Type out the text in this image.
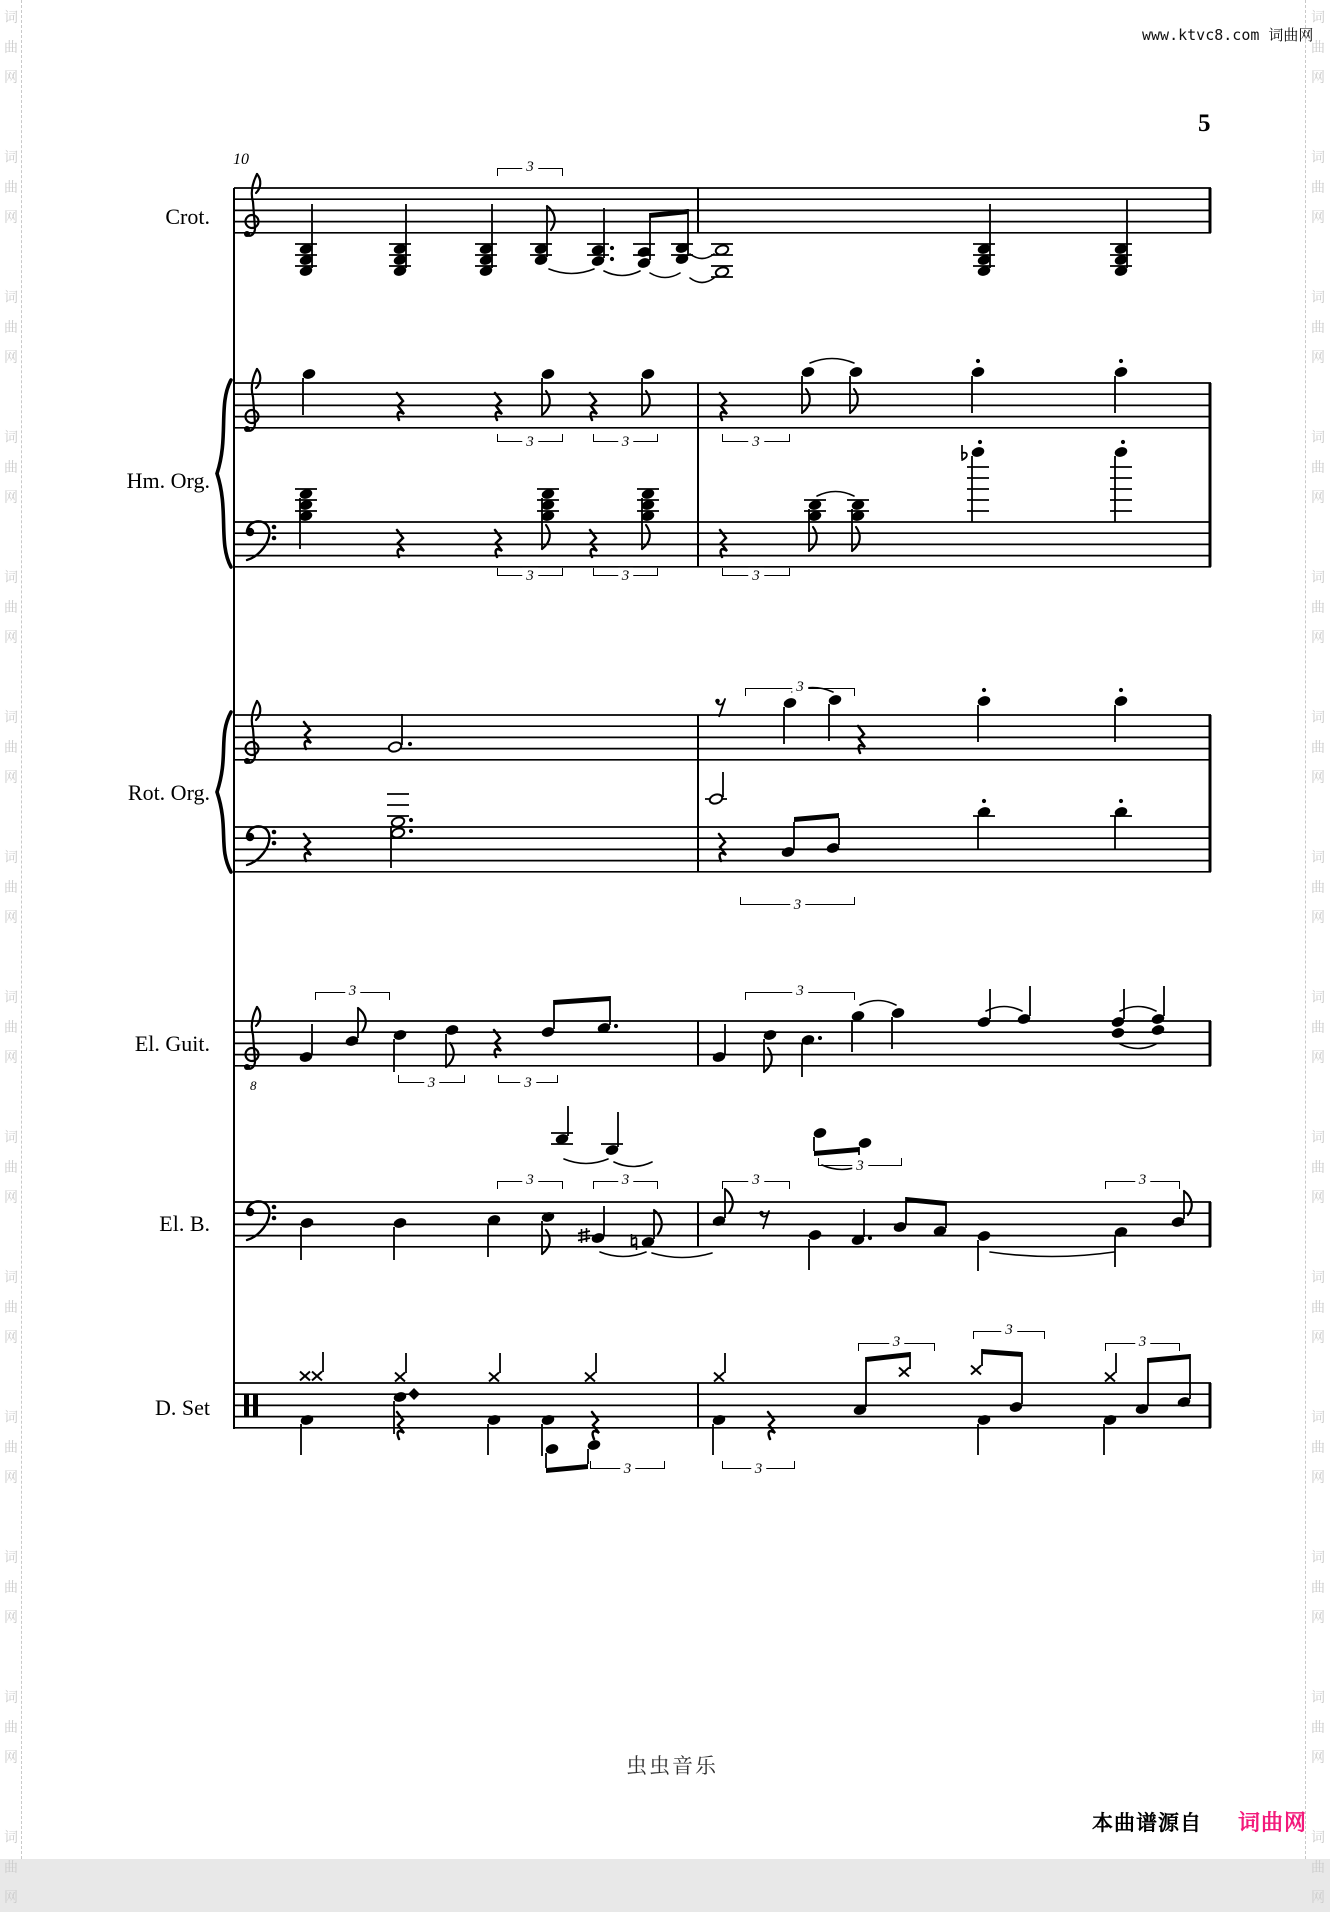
词
曲
网
词
曲
网
词
曲
网
词
曲
网
词
曲
网
词
曲
网
词
曲
网
词
曲
网
词
曲
网
词
曲
网
词
曲
网
词
曲
网
词
曲
网
词
曲
网
词
曲
网
词
曲
网
词
曲
网
词
曲
网
词
曲
网
词
曲
网
词
曲
网
词
曲
网
词
曲
网
词
曲
网
词
曲
网
词
曲
网
词
曲
网
词
曲
网
www.ktvc8.com 词曲网
5
10
Crot.
Hm. Org.
Rot. Org.
El. Guit.
El. B.
D. Set
8
虫虫音乐
本曲谱源自 词曲网
3
3	3	3
3	3	3
3
3
3
3	3
3
3
3	3	3	3
3
3
3
3	3
